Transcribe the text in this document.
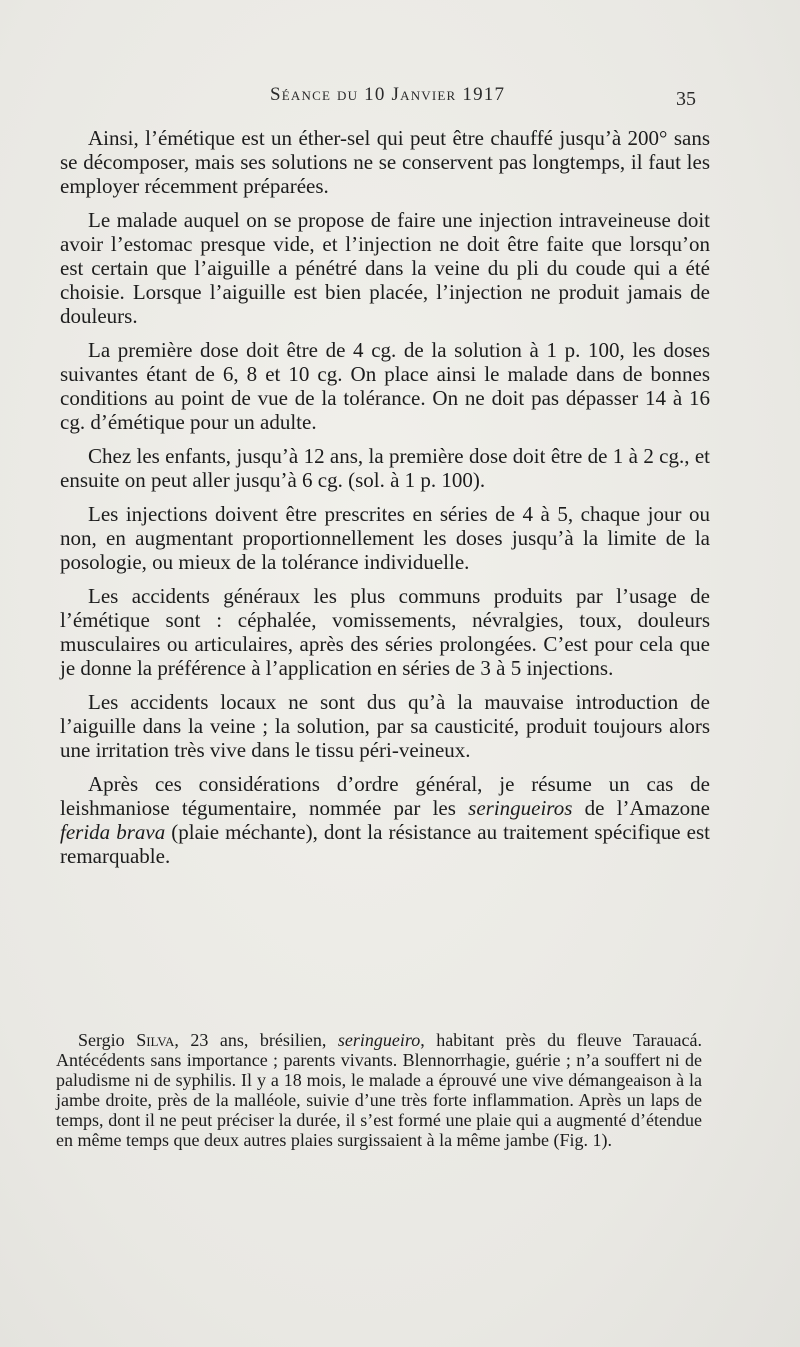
Séance du 10 Janvier 1917	35

Ainsi, l’émétique est un éther-sel qui peut être chauffé jusqu’à 200° sans se décomposer, mais ses solutions ne se conservent pas longtemps, il faut les employer récemment préparées.

Le malade auquel on se propose de faire une injection intraveineuse doit avoir l’estomac presque vide, et l’injection ne doit être faite que lorsqu’on est certain que l’aiguille a pénétré dans la veine du pli du coude qui a été choisie. Lorsque l’aiguille est bien placée, l’injection ne produit jamais de douleurs.

La première dose doit être de 4 cg. de la solution à 1 p. 100, les doses suivantes étant de 6, 8 et 10 cg. On place ainsi le malade dans de bonnes conditions au point de vue de la tolérance. On ne doit pas dépasser 14 à 16 cg. d’émétique pour un adulte.

Chez les enfants, jusqu’à 12 ans, la première dose doit être de 1 à 2 cg., et ensuite on peut aller jusqu’à 6 cg. (sol. à 1 p. 100).

Les injections doivent être prescrites en séries de 4 à 5, chaque jour ou non, en augmentant proportionnellement les doses jusqu’à la limite de la posologie, ou mieux de la tolérance individuelle.

Les accidents généraux les plus communs produits par l’usage de l’émétique sont : céphalée, vomissements, névralgies, toux, douleurs musculaires ou articulaires, après des séries prolongées. C’est pour cela que je donne la préférence à l’application en séries de 3 à 5 injections.

Les accidents locaux ne sont dus qu’à la mauvaise introduction de l’aiguille dans la veine ; la solution, par sa causticité, produit toujours alors une irritation très vive dans le tissu péri-veineux.

Après ces considérations d’ordre général, je résume un cas de leishmaniose tégumentaire, nommée par les seringueiros de l’Amazone ferida brava (plaie méchante), dont la résistance au traitement spécifique est remarquable.

Sergio Silva, 23 ans, brésilien, seringueiro, habitant près du fleuve Tarauacá. Antécédents sans importance ; parents vivants. Blennorrhagie, guérie ; n’a souffert ni de paludisme ni de syphilis. Il y a 18 mois, le malade a éprouvé une vive démangeaison à la jambe droite, près de la malléole, suivie d’une très forte inflammation. Après un laps de temps, dont il ne peut préciser la durée, il s’est formé une plaie qui a augmenté d’étendue en même temps que deux autres plaies surgissaient à la même jambe (Fig. 1).
